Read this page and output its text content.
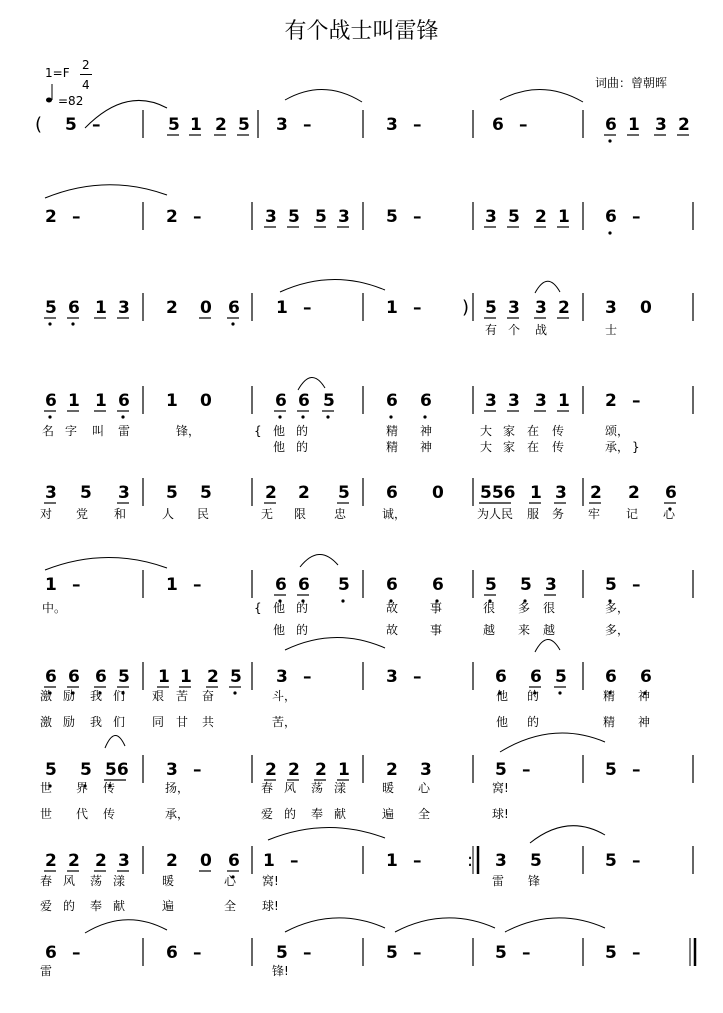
有个战士叫雷锋
词曲：曾朝晖
1=F
2
4
=82
( 5 –	5 1 2 5 3 –	3 –	6 –	6 1 3 2
2 –	2 –	3 5 5 3 5 –	3 5 2 1 6 –
5 6 1 3 2 0 6 1 –	1 – ) 5 3 3 2 3 0
有 个 战	士
6 1 1 6 1 0	6 6 5	6 6	3 3 3 1 2 –
名 字 叫 雷	锋，	{ 他 的	精 神	大 家 在 传	颂，
他 的	精 神	大 家 在 传	承， }
3 5 3 5 5	2 2 5 6 0 556 1 3 2 2 6
对 党 和	人 民	无 限 忠	诚，	为人民 服 务 牢 记 心
1 –	1 –	6 6 5 6 6 5 5 3	5 –
中。	{ 他 的	故	事	很 多 很	多，
他 的	故	事	越 来 越	多，
6 6 6 5 1 1 2 5 3 –	3 –	6 6 5 6 6
激 励 我 们 艰 苦 奋	斗，	他 的	精 神
激 励 我 们 同 甘 共	苦，	他 的	精 神
5 5 56 3 –	2 2 2 1 2 3	5 –	5 –
世 界 传	扬，	春 风 荡 漾	暖 心	窝!
世 代 传	承，	爱 的 奉 献	遍 全	球!
2 2 2 3 2 0 6 1 –	1 –	: 3 5	5 –
春 风 荡 漾	暖	心 窝!	雷 锋
爱 的 奉 献	遍	全 球!
6 –	6 –	5 –	5 –	5 –	5 –
雷	锋!
